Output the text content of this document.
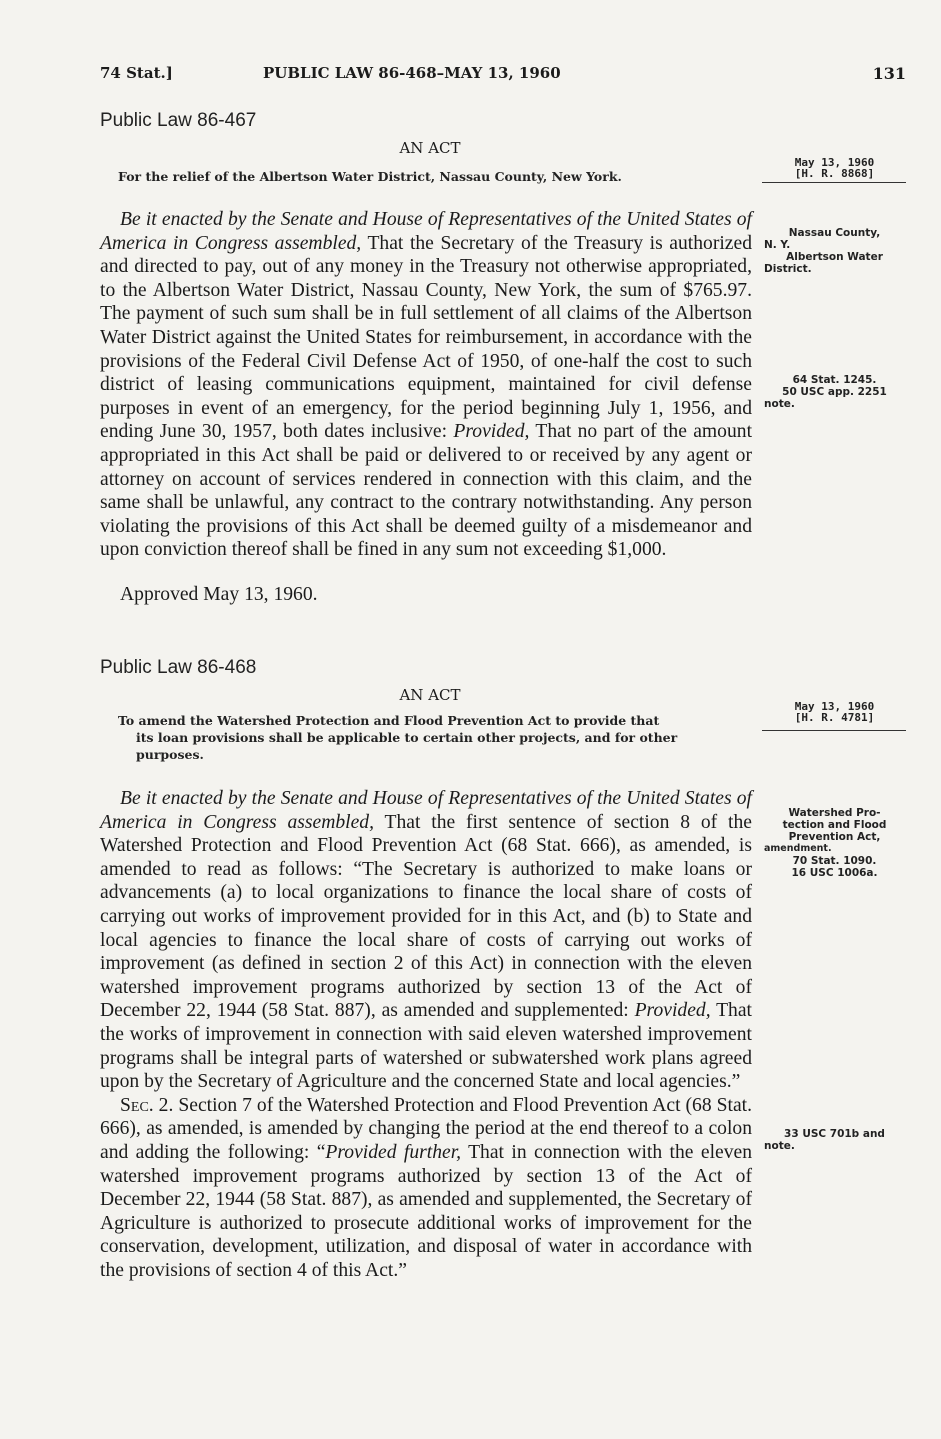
74 Stat.]	PUBLIC LAW 86-468–MAY 13, 1960	131
Public Law 86-467
AN ACT
For the relief of the Albertson Water District, Nassau County, New York.
May 13, 1960
[H. R. 8868]

Be it enacted by the Senate and House of Representatives of the United States of America in Congress assembled, That the Secretary of the Treasury is authorized and directed to pay, out of any money in the Treasury not otherwise appropriated, to the Albertson Water District, Nassau County, New York, the sum of $765.97. The payment of such sum shall be in full settlement of all claims of the Albertson Water District against the United States for reimbursement, in accordance with the provisions of the Federal Civil Defense Act of 1950, of one-half the cost to such district of leasing communications equipment, maintained for civil defense purposes in event of an emergency, for the period beginning July 1, 1956, and ending June 30, 1957, both dates inclusive: Provided, That no part of the amount appropriated in this Act shall be paid or delivered to or received by any agent or attorney on account of services rendered in connection with this claim, and the same shall be unlawful, any contract to the contrary notwithstanding. Any person violating the provisions of this Act shall be deemed guilty of a misdemeanor and upon conviction thereof shall be fined in any sum not exceeding $1,000.

Approved May 13, 1960.
Nassau County,
N. Y.
Albertson Water
District.
64 Stat. 1245.
50 USC app. 2251
note.
Public Law 86-468
AN ACT
To amend the Watershed Protection and Flood Prevention Act to provide that
its loan provisions shall be applicable to certain other projects, and for other
purposes.
May 13, 1960
[H. R. 4781]

Be it enacted by the Senate and House of Representatives of the United States of America in Congress assembled, That the first sentence of section 8 of the Watershed Protection and Flood Prevention Act (68 Stat. 666), as amended, is amended to read as follows: “The Secretary is authorized to make loans or advancements (a) to local organizations to finance the local share of costs of carrying out works of improvement provided for in this Act, and (b) to State and local agencies to finance the local share of costs of carrying out works of improvement (as defined in section 2 of this Act) in connection with the eleven watershed improvement programs authorized by section 13 of the Act of December 22, 1944 (58 Stat. 887), as amended and supplemented: Provided, That the works of improvement in connection with said eleven watershed improvement programs shall be integral parts of watershed or subwatershed work plans agreed upon by the Secretary of Agriculture and the concerned State and local agencies.”

Sec. 2. Section 7 of the Watershed Protection and Flood Prevention Act (68 Stat. 666), as amended, is amended by changing the period at the end thereof to a colon and adding the following: “Provided further, That in connection with the eleven watershed improvement programs authorized by section 13 of the Act of December 22, 1944 (58 Stat. 887), as amended and supplemented, the Secretary of Agriculture is authorized to prosecute additional works of improvement for the conservation, development, utilization, and disposal of water in accordance with the provisions of section 4 of this Act.”

Watershed Pro-
tection and Flood
Prevention Act,
amendment.
70 Stat. 1090.
16 USC 1006a.
33 USC 701b and
note.
